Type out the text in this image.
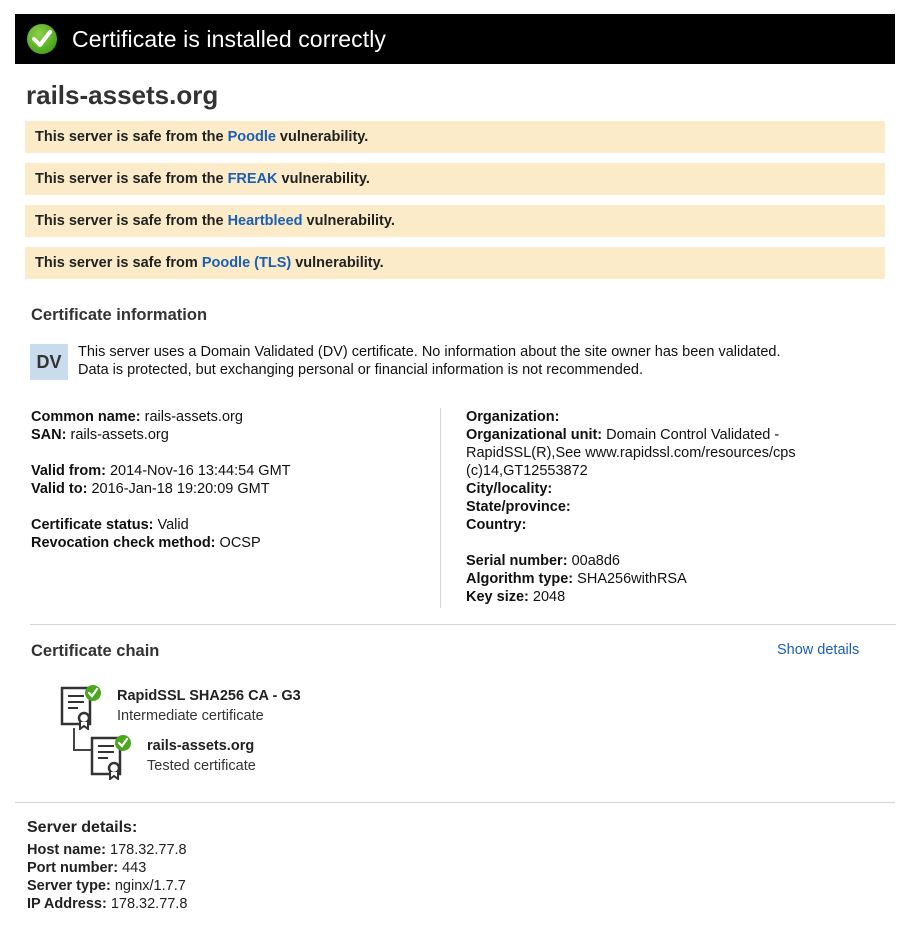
Certificate is installed correctly
rails-assets.org
This server is safe from the Poodle vulnerability.
This server is safe from the FREAK vulnerability.
This server is safe from the Heartbleed vulnerability.
This server is safe from Poodle (TLS) vulnerability.
Certificate information
DV	This server uses a Domain Validated (DV) certificate. No information about the site owner has been validated.
Data is protected, but exchanging personal or financial information is not recommended.
Common name: rails-assets.org
SAN: rails-assets.org
Valid from: 2014-Nov-16 13:44:54 GMT
Valid to: 2016-Jan-18 19:20:09 GMT
Certificate status: Valid
Revocation check method: OCSP
Organization:
Organizational unit: Domain Control Validated -
RapidSSL(R),See www.rapidssl.com/resources/cps
(c)14,GT12553872
City/locality:
State/province:
Country:
Serial number: 00a8d6
Algorithm type: SHA256withRSA
Key size: 2048
Certificate chain	Show details
RapidSSL SHA256 CA - G3
Intermediate certificate
rails-assets.org
Tested certificate
Server details:
Host name: 178.32.77.8
Port number: 443
Server type: nginx/1.7.7
IP Address: 178.32.77.8
